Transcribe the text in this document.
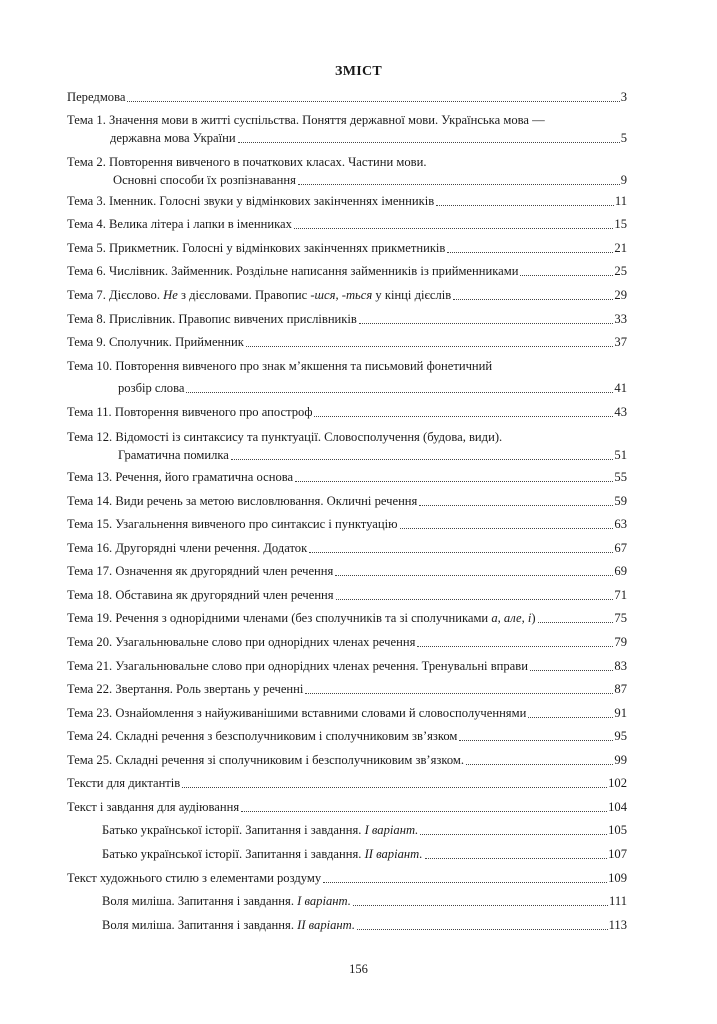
ЗМІСТ
Передмова	3
Тема 1. Значення мови в житті суспільства. Поняття державної мови. Українська мова —
державна мова України	5
Тема 2. Повторення вивченого в початкових класах. Частини мови.
Основні способи їх розпізнавання	9
Тема 3. Іменник. Голосні звуки у відмінкових закінченнях іменників	11
Тема 4. Велика літера і лапки в іменниках	15
Тема 5. Прикметник. Голосні у відмінкових закінченнях прикметників	21
Тема 6. Числівник. Займенник. Роздільне написання займенників із прийменниками	25
Тема 7. Дієслово. Не з дієсловами. Правопис -шся, -ться у кінці дієслів	29
Тема 8. Прислівник. Правопис вивчених прислівників	33
Тема 9. Сполучник. Прийменник	37
Тема 10. Повторення вивченого про знак м’якшення та письмовий фонетичний
розбір слова	41
Тема 11. Повторення вивченого про апостроф	43
Тема 12. Відомості із синтаксису та пунктуації. Словосполучення (будова, види).
Граматична помилка	51
Тема 13. Речення, його граматична основа	55
Тема 14. Види речень за метою висловлювання. Окличні речення	59
Тема 15. Узагальнення вивченого про синтаксис і пунктуацію	63
Тема 16. Другорядні члени речення. Додаток	67
Тема 17. Означення як другорядний член речення	69
Тема 18. Обставина як другорядний член речення	71
Тема 19. Речення з однорідними членами (без сполучників та зі сполучниками а, але, і)	75
Тема 20. Узагальнювальне слово при однорідних членах речення	79
Тема 21. Узагальнювальне слово при однорідних членах речення. Тренувальні вправи	83
Тема 22. Звертання. Роль звертань у реченні	87
Тема 23. Ознайомлення з найуживанішими вставними словами й словосполученнями	91
Тема 24. Складні речення з безсполучниковим і сполучниковим зв’язком	95
Тема 25. Складні речення зі сполучниковим і безсполучниковим зв’язком.	99
Тексти для диктантів	102
Текст і завдання для аудіювання	104
Батько української історії. Запитання і завдання. І варіант.	105
Батько української історії. Запитання і завдання. ІІ варіант.	107
Текст художнього стилю з елементами роздуму	109
Воля миліша. Запитання і завдання. І варіант.	111
Воля миліша. Запитання і завдання. ІІ варіант.	113
156
